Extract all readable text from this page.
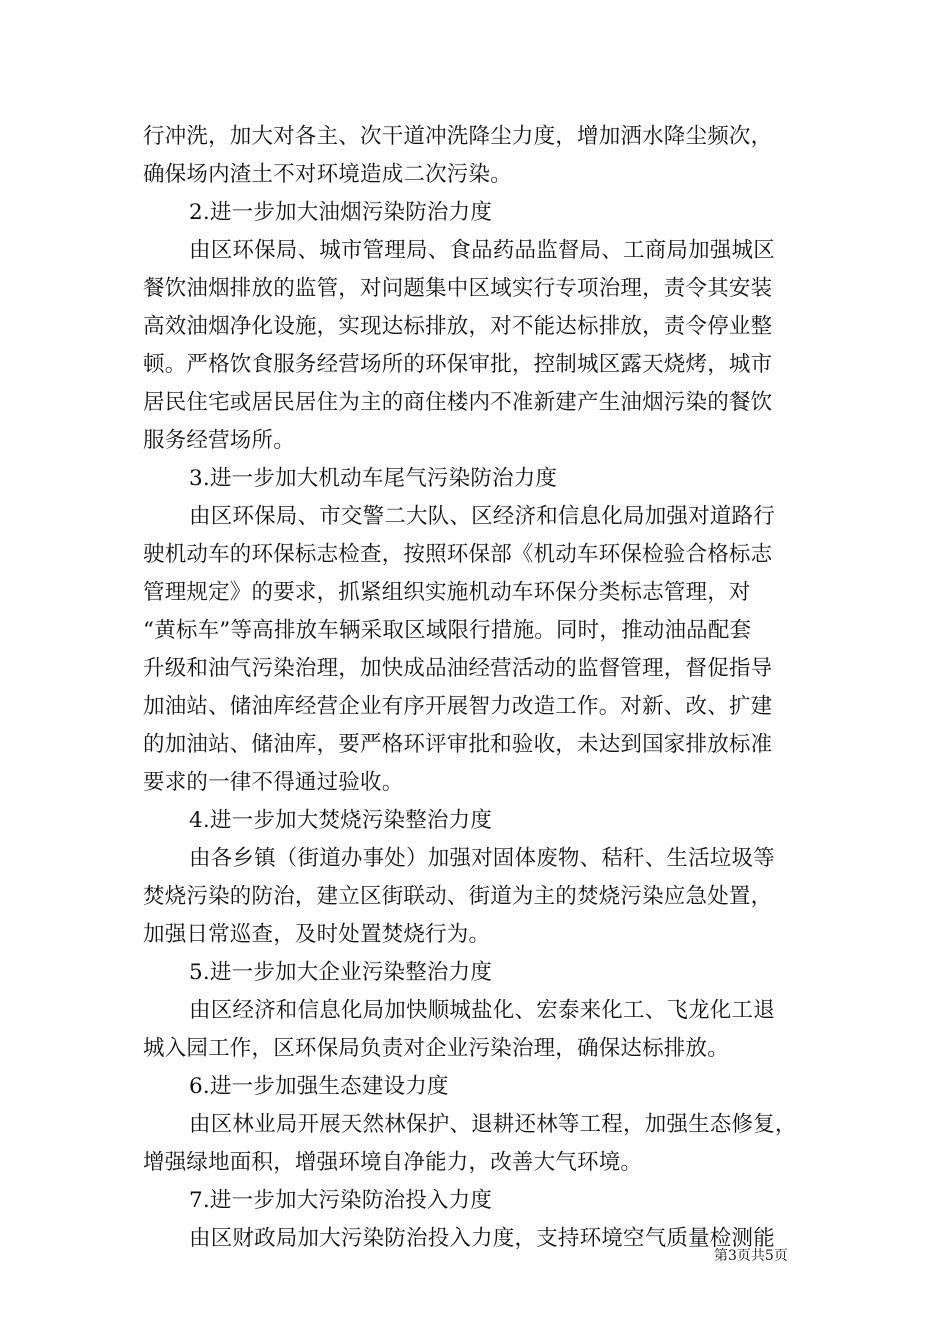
行冲洗，加大对各主、次干道冲洗降尘力度，增加洒水降尘频次，
确保场内渣土不对环境造成二次污染。
2.进一步加大油烟污染防治力度
由区环保局、城市管理局、食品药品监督局、工商局加强城区
餐饮油烟排放的监管，对问题集中区域实行专项治理，责令其安装
高效油烟净化设施，实现达标排放，对不能达标排放，责令停业整
顿。严格饮食服务经营场所的环保审批，控制城区露天烧烤，城市
居民住宅或居民居住为主的商住楼内不准新建产生油烟污染的餐饮
服务经营场所。
3.进一步加大机动车尾气污染防治力度
由区环保局、市交警二大队、区经济和信息化局加强对道路行
驶机动车的环保标志检查，按照环保部《机动车环保检验合格标志
管理规定》的要求，抓紧组织实施机动车环保分类标志管理，对
“黄标车”等高排放车辆采取区域限行措施。同时，推动油品配套
升级和油气污染治理，加快成品油经营活动的监督管理，督促指导
加油站、储油库经营企业有序开展智力改造工作。对新、改、扩建
的加油站、储油库，要严格环评审批和验收，未达到国家排放标准
要求的一律不得通过验收。
4.进一步加大焚烧污染整治力度
由各乡镇（街道办事处）加强对固体废物、秸秆、生活垃圾等
焚烧污染的防治，建立区街联动、街道为主的焚烧污染应急处置，
加强日常巡查，及时处置焚烧行为。
5.进一步加大企业污染整治力度
由区经济和信息化局加快顺城盐化、宏泰来化工、飞龙化工退
城入园工作，区环保局负责对企业污染治理，确保达标排放。
6.进一步加强生态建设力度
由区林业局开展天然林保护、退耕还林等工程，加强生态修复，
增强绿地面积，增强环境自净能力，改善大气环境。
7.进一步加大污染防治投入力度
由区财政局加大污染防治投入力度，支持环境空气质量检测能
第3页共5页
